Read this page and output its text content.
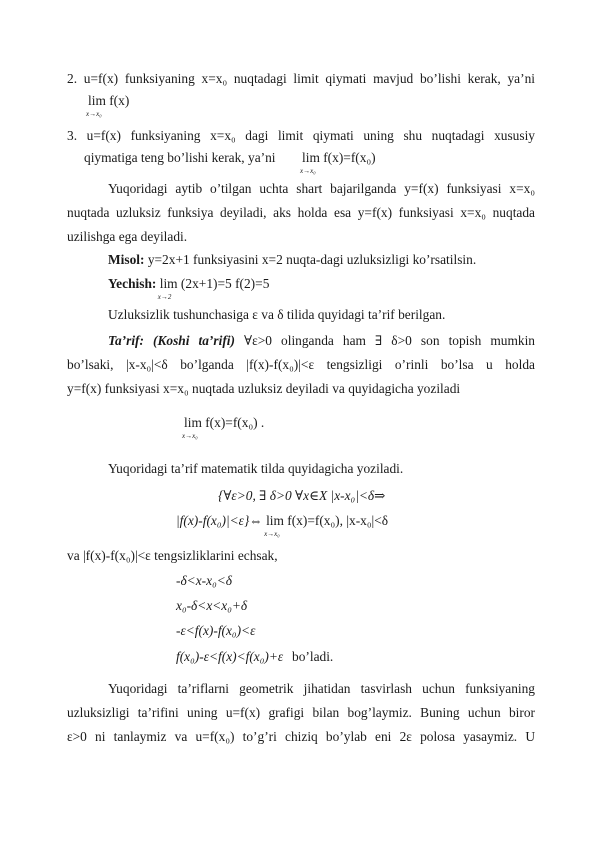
2. u=f(x) funksiyaning x=x₀ nuqtadagi limit qiymati mavjud bo’lishi kerak, ya’ni
lim f(x)
x→x₀
3. u=f(x) funksiyaning x=x₀ dagi limit qiymati uning shu nuqtadagi xususiy
qiymatiga teng bo’lishi kerak, ya’ni lim f(x)=f(x₀)
x→x₀
Yuqoridagi aytib o’tilgan uchta shart bajarilganda y=f(x) funksiyasi x=x₀
nuqtada uzluksiz funksiya deyiladi, aks holda esa y=f(x) funksiyasi x=x₀ nuqtada
uzilishga ega deyiladi.
Misol: y=2x+1 funksiyasini x=2 nuqta-dagi uzluksizligi ko’rsatilsin.
Yechish: lim (2x+1)=5 f(2)=5
x→2
Uzluksizlik tushunchasiga ε va δ tilida quyidagi ta’rif berilgan.
Ta’rif: (Koshi ta’rifi) ∀ε>0 olinganda ham ∃ δ>0 son topish mumkin
bo’lsaki, |x-x₀|<δ bo’lganda |f(x)-f(x₀)|<ε tengsizligi o’rinli bo’lsa u holda
y=f(x) funksiyasi x=x₀ nuqtada uzluksiz deyiladi va quyidagicha yoziladi
lim f(x)=f(x₀) .
x→x₀
Yuqoridagi ta’rif matematik tilda quyidagicha yoziladi.
{∀ε>0, ∃ δ>0 ∀x∈X |x-x₀|<δ⇒
|f(x)-f(x₀)|<ε}⇔ lim f(x)=f(x₀), |x-x₀|<δ
x→x₀
va |f(x)-f(x₀)|<ε tengsizliklarini echsak,
-δ<x-x₀<δ
x₀-δ<x<x₀+δ
-ε<f(x)-f(x₀)<ε
f(x₀)-ε<f(x)<f(x₀)+ε bo’ladi.
Yuqoridagi ta’riflarni geometrik jihatidan tasvirlash uchun funksiyaning
uzluksizligi ta’rifini uning u=f(x) grafigi bilan bog’laymiz. Buning uchun biror
ε>0 ni tanlaymiz va u=f(x₀) to’g’ri chiziq bo’ylab eni 2ε polosa yasaymiz. U
